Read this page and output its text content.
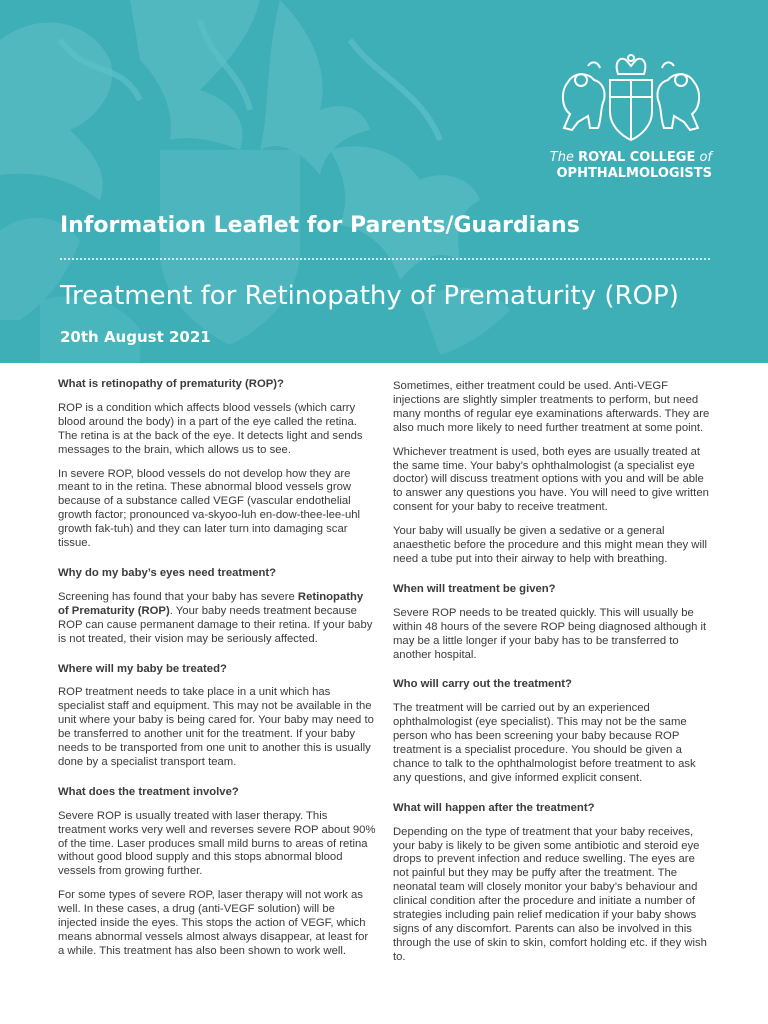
The ROYAL COLLEGE of
OPHTHALMOLOGISTS
Information Leaflet for Parents/Guardians
Treatment for Retinopathy of Prematurity (ROP)
20th August 2021
What is retinopathy of prematurity (ROP)?

ROP is a condition which affects blood vessels (which carry blood around the body) in a part of the eye called the retina. The retina is at the back of the eye. It detects light and sends messages to the brain, which allows us to see.

In severe ROP, blood vessels do not develop how they are meant to in the retina. These abnormal blood vessels grow because of a substance called VEGF (vascular endothelial growth factor; pronounced va-skyoo-luh en-dow-thee-lee-uhl growth fak-tuh) and they can later turn into damaging scar tissue.

Why do my baby’s eyes need treatment?

Screening has found that your baby has severe Retinopathy of Prematurity (ROP). Your baby needs treatment because ROP can cause permanent damage to their retina. If your baby is not treated, their vision may be seriously affected.

Where will my baby be treated?

ROP treatment needs to take place in a unit which has specialist staff and equipment. This may not be available in the unit where your baby is being cared for. Your baby may need to be transferred to another unit for the treatment. If your baby needs to be transported from one unit to another this is usually done by a specialist transport team.

What does the treatment involve?

Severe ROP is usually treated with laser therapy. This treatment works very well and reverses severe ROP about 90% of the time. Laser produces small mild burns to areas of retina without good blood supply and this stops abnormal blood vessels from growing further.

For some types of severe ROP, laser therapy will not work as well. In these cases, a drug (anti-VEGF solution) will be injected inside the eyes. This stops the action of VEGF, which means abnormal vessels almost always disappear, at least for a while. This treatment has also been shown to work well.

Sometimes, either treatment could be used. Anti-VEGF injections are slightly simpler treatments to perform, but need many months of regular eye examinations afterwards. They are also much more likely to need further treatment at some point.

Whichever treatment is used, both eyes are usually treated at the same time. Your baby’s ophthalmologist (a specialist eye doctor) will discuss treatment options with you and will be able to answer any questions you have. You will need to give written consent for your baby to receive treatment.

Your baby will usually be given a sedative or a general anaesthetic before the procedure and this might mean they will need a tube put into their airway to help with breathing.

When will treatment be given?

Severe ROP needs to be treated quickly. This will usually be within 48 hours of the severe ROP being diagnosed although it may be a little longer if your baby has to be transferred to another hospital.

Who will carry out the treatment?

The treatment will be carried out by an experienced ophthalmologist (eye specialist). This may not be the same person who has been screening your baby because ROP treatment is a specialist procedure. You should be given a chance to talk to the ophthalmologist before treatment to ask any questions, and give informed explicit consent.

What will happen after the treatment?

Depending on the type of treatment that your baby receives, your baby is likely to be given some antibiotic and steroid eye drops to prevent infection and reduce swelling. The eyes are not painful but they may be puffy after the treatment. The neonatal team will closely monitor your baby’s behaviour and clinical condition after the procedure and initiate a number of strategies including pain relief medication if your baby shows signs of any discomfort. Parents can also be involved in this through the use of skin to skin, comfort holding etc. if they wish to.
